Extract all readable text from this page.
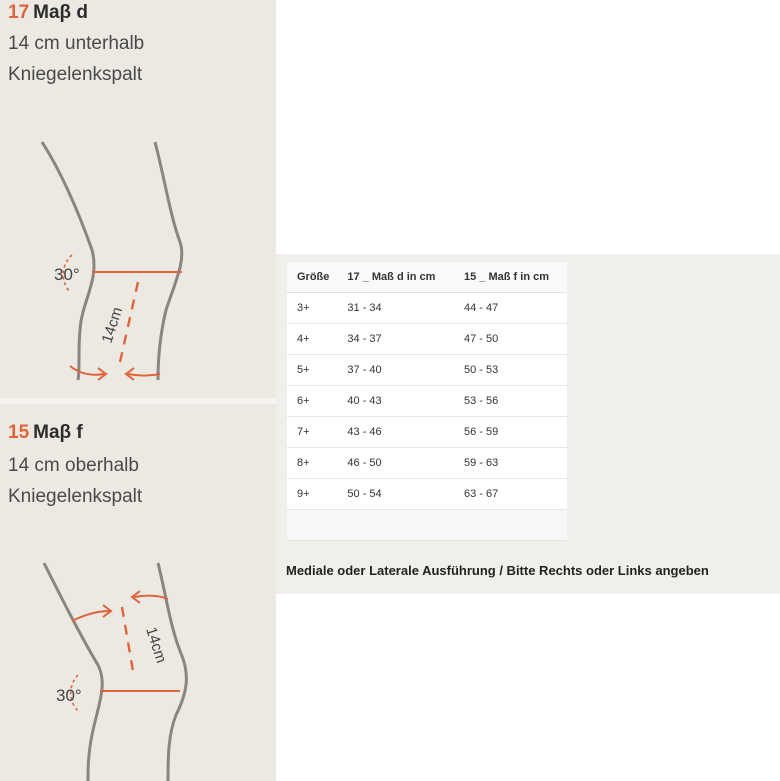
17 Maβ d
14 cm unterhalb
Kniegelenkspalt
30°
14cm
15 Maβ f
14 cm oberhalb
Kniegelenkspalt
30°
14cm
Größe	17 _ Maß d in cm	15 _ Maß f in cm
3+	31 - 34	44 - 47
4+	34 - 37	47 - 50
5+	37 - 40	50 - 53
6+	40 - 43	53 - 56
7+	43 - 46	56 - 59
8+	46 - 50	59 - 63
9+	50 - 54	63 - 67

Mediale oder Laterale Ausführung / Bitte Rechts oder Links angeben
